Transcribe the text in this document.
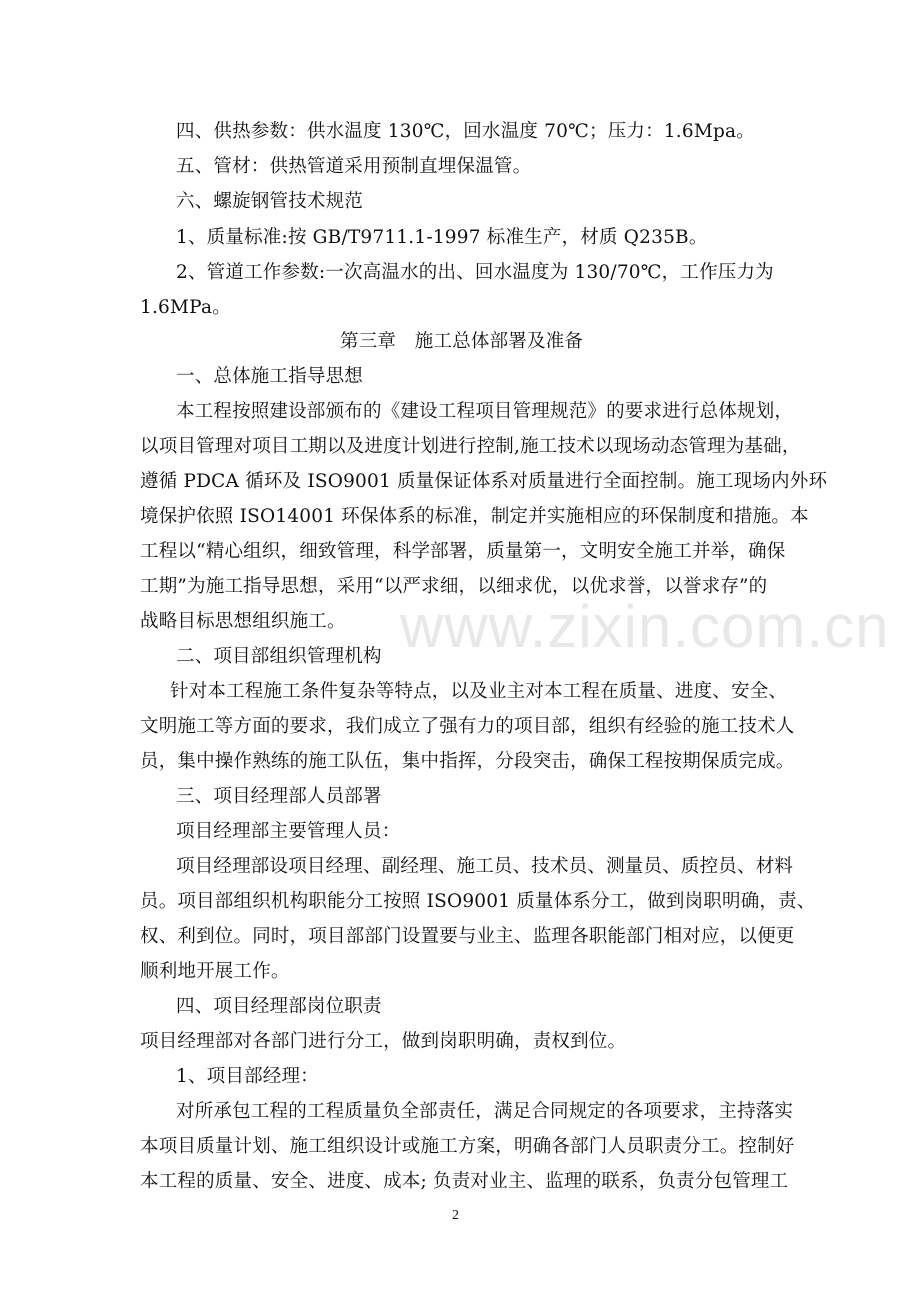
四、供热参数：供水温度 130℃，回水温度 70℃；压力：1.6Mpa。
五、管材：供热管道采用预制直埋保温管。
六、螺旋钢管技术规范
1、质量标准:按 GB/T9711.1-1997 标准生产，材质 Q235B。
2、管道工作参数:一次高温水的出、回水温度为 130/70℃，工作压力为
1.6MPa。
第三章　施工总体部署及准备
一、总体施工指导思想
本工程按照建设部颁布的《建设工程项目管理规范》的要求进行总体规划，
以项目管理对项目工期以及进度计划进行控制,施工技术以现场动态管理为基础，
遵循 PDCA 循环及 ISO9001 质量保证体系对质量进行全面控制。施工现场内外环
境保护依照 ISO14001 环保体系的标准，制定并实施相应的环保制度和措施。本
工程以“精心组织，细致管理，科学部署，质量第一，文明安全施工并举，确保
工期”为施工指导思想，采用“以严求细，以细求优，以优求誉，以誉求存”的
战略目标思想组织施工。
二、项目部组织管理机构
针对本工程施工条件复杂等特点，以及业主对本工程在质量、进度、安全、
文明施工等方面的要求，我们成立了强有力的项目部，组织有经验的施工技术人
员，集中操作熟练的施工队伍，集中指挥，分段突击，确保工程按期保质完成。
三、项目经理部人员部署
项目经理部主要管理人员：
项目经理部设项目经理、副经理、施工员、技术员、测量员、质控员、材料
员。项目部组织机构职能分工按照 ISO9001 质量体系分工，做到岗职明确，责、
权、利到位。同时，项目部部门设置要与业主、监理各职能部门相对应，以便更
顺利地开展工作。
四、项目经理部岗位职责
项目经理部对各部门进行分工，做到岗职明确，责权到位。
1、项目部经理：
对所承包工程的工程质量负全部责任，满足合同规定的各项要求，主持落实
本项目质量计划、施工组织设计或施工方案，明确各部门人员职责分工。控制好
本工程的质量、安全、进度、成本; 负责对业主、监理的联系，负责分包管理工
www.zixin.com.cn
2
